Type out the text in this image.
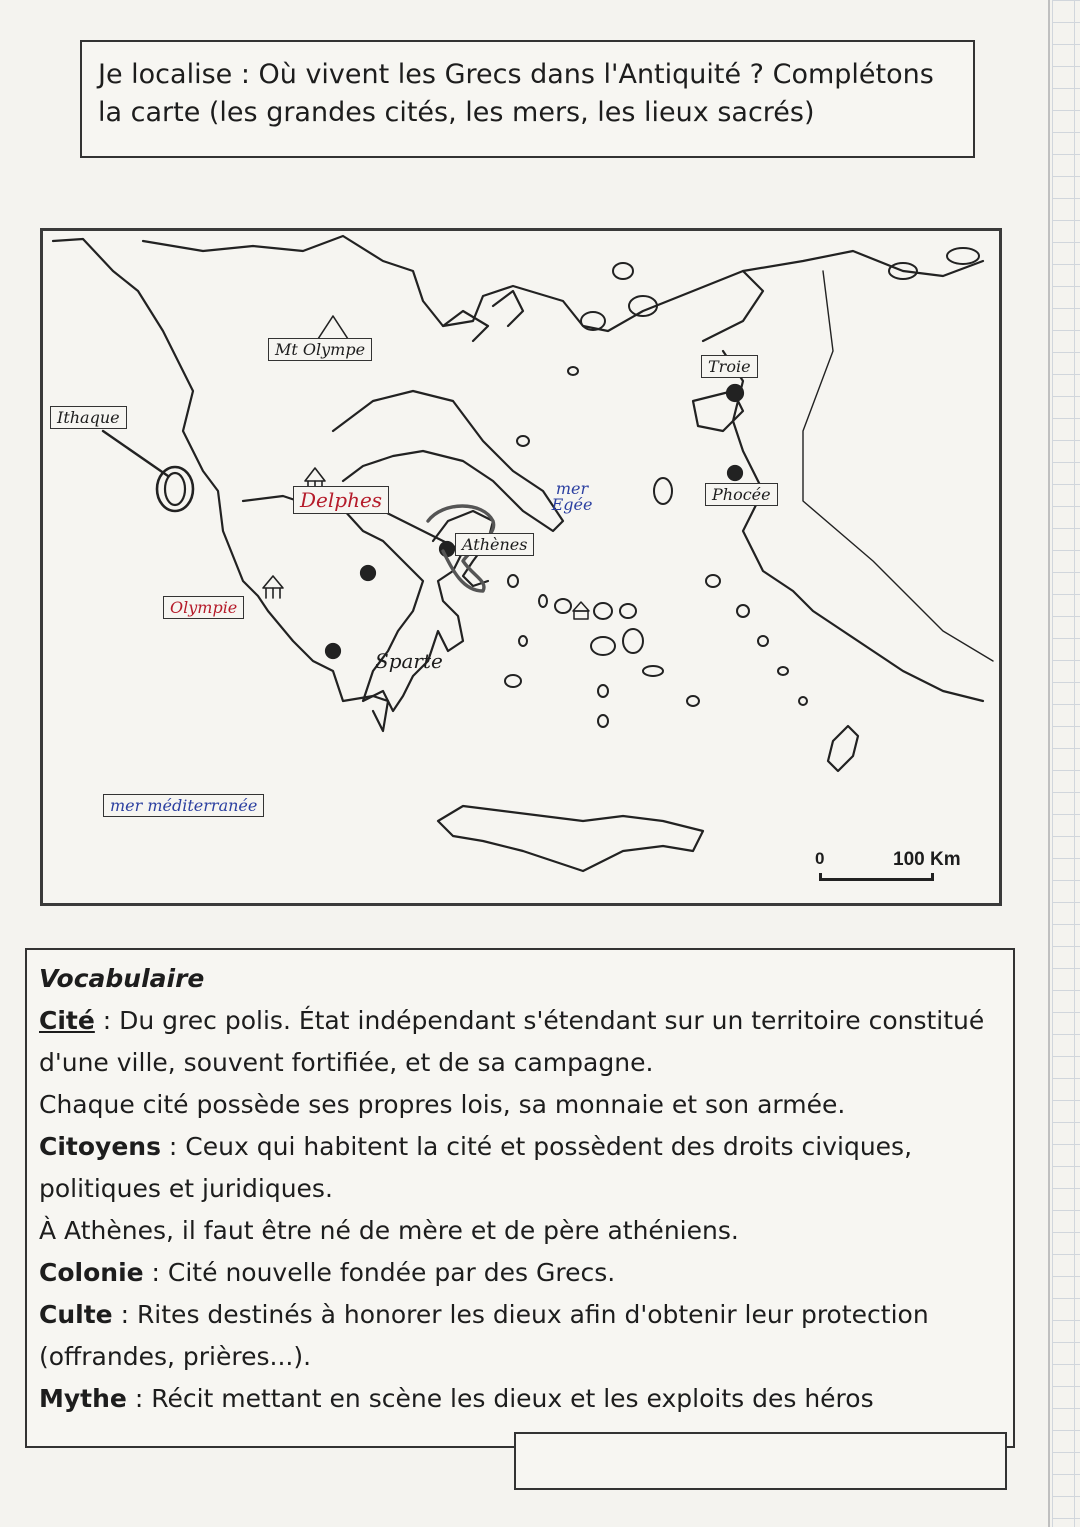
Je localise : Où vivent les Grecs dans l'Antiquité ? Complétons la carte (les grandes cités, les mers, les lieux sacrés)
Ithaque
Mt Olympe
Delphes
Athènes
Olympie
Sparte
mer Egée
Troie
Phocée
mer méditerranée
0	100 Km
Vocabulaire
Cité : Du grec polis. État indépendant s'étendant sur un territoire constitué d'une ville, souvent fortifiée, et de sa campagne.
Chaque cité possède ses propres lois, sa monnaie et son armée.
Citoyens : Ceux qui habitent la cité et possèdent des droits civiques, politiques et juridiques.
À Athènes, il faut être né de mère et de père athéniens.
Colonie : Cité nouvelle fondée par des Grecs.
Culte : Rites destinés à honorer les dieux afin d'obtenir leur protection (offrandes, prières...).
Mythe : Récit mettant en scène les dieux et les exploits des héros
